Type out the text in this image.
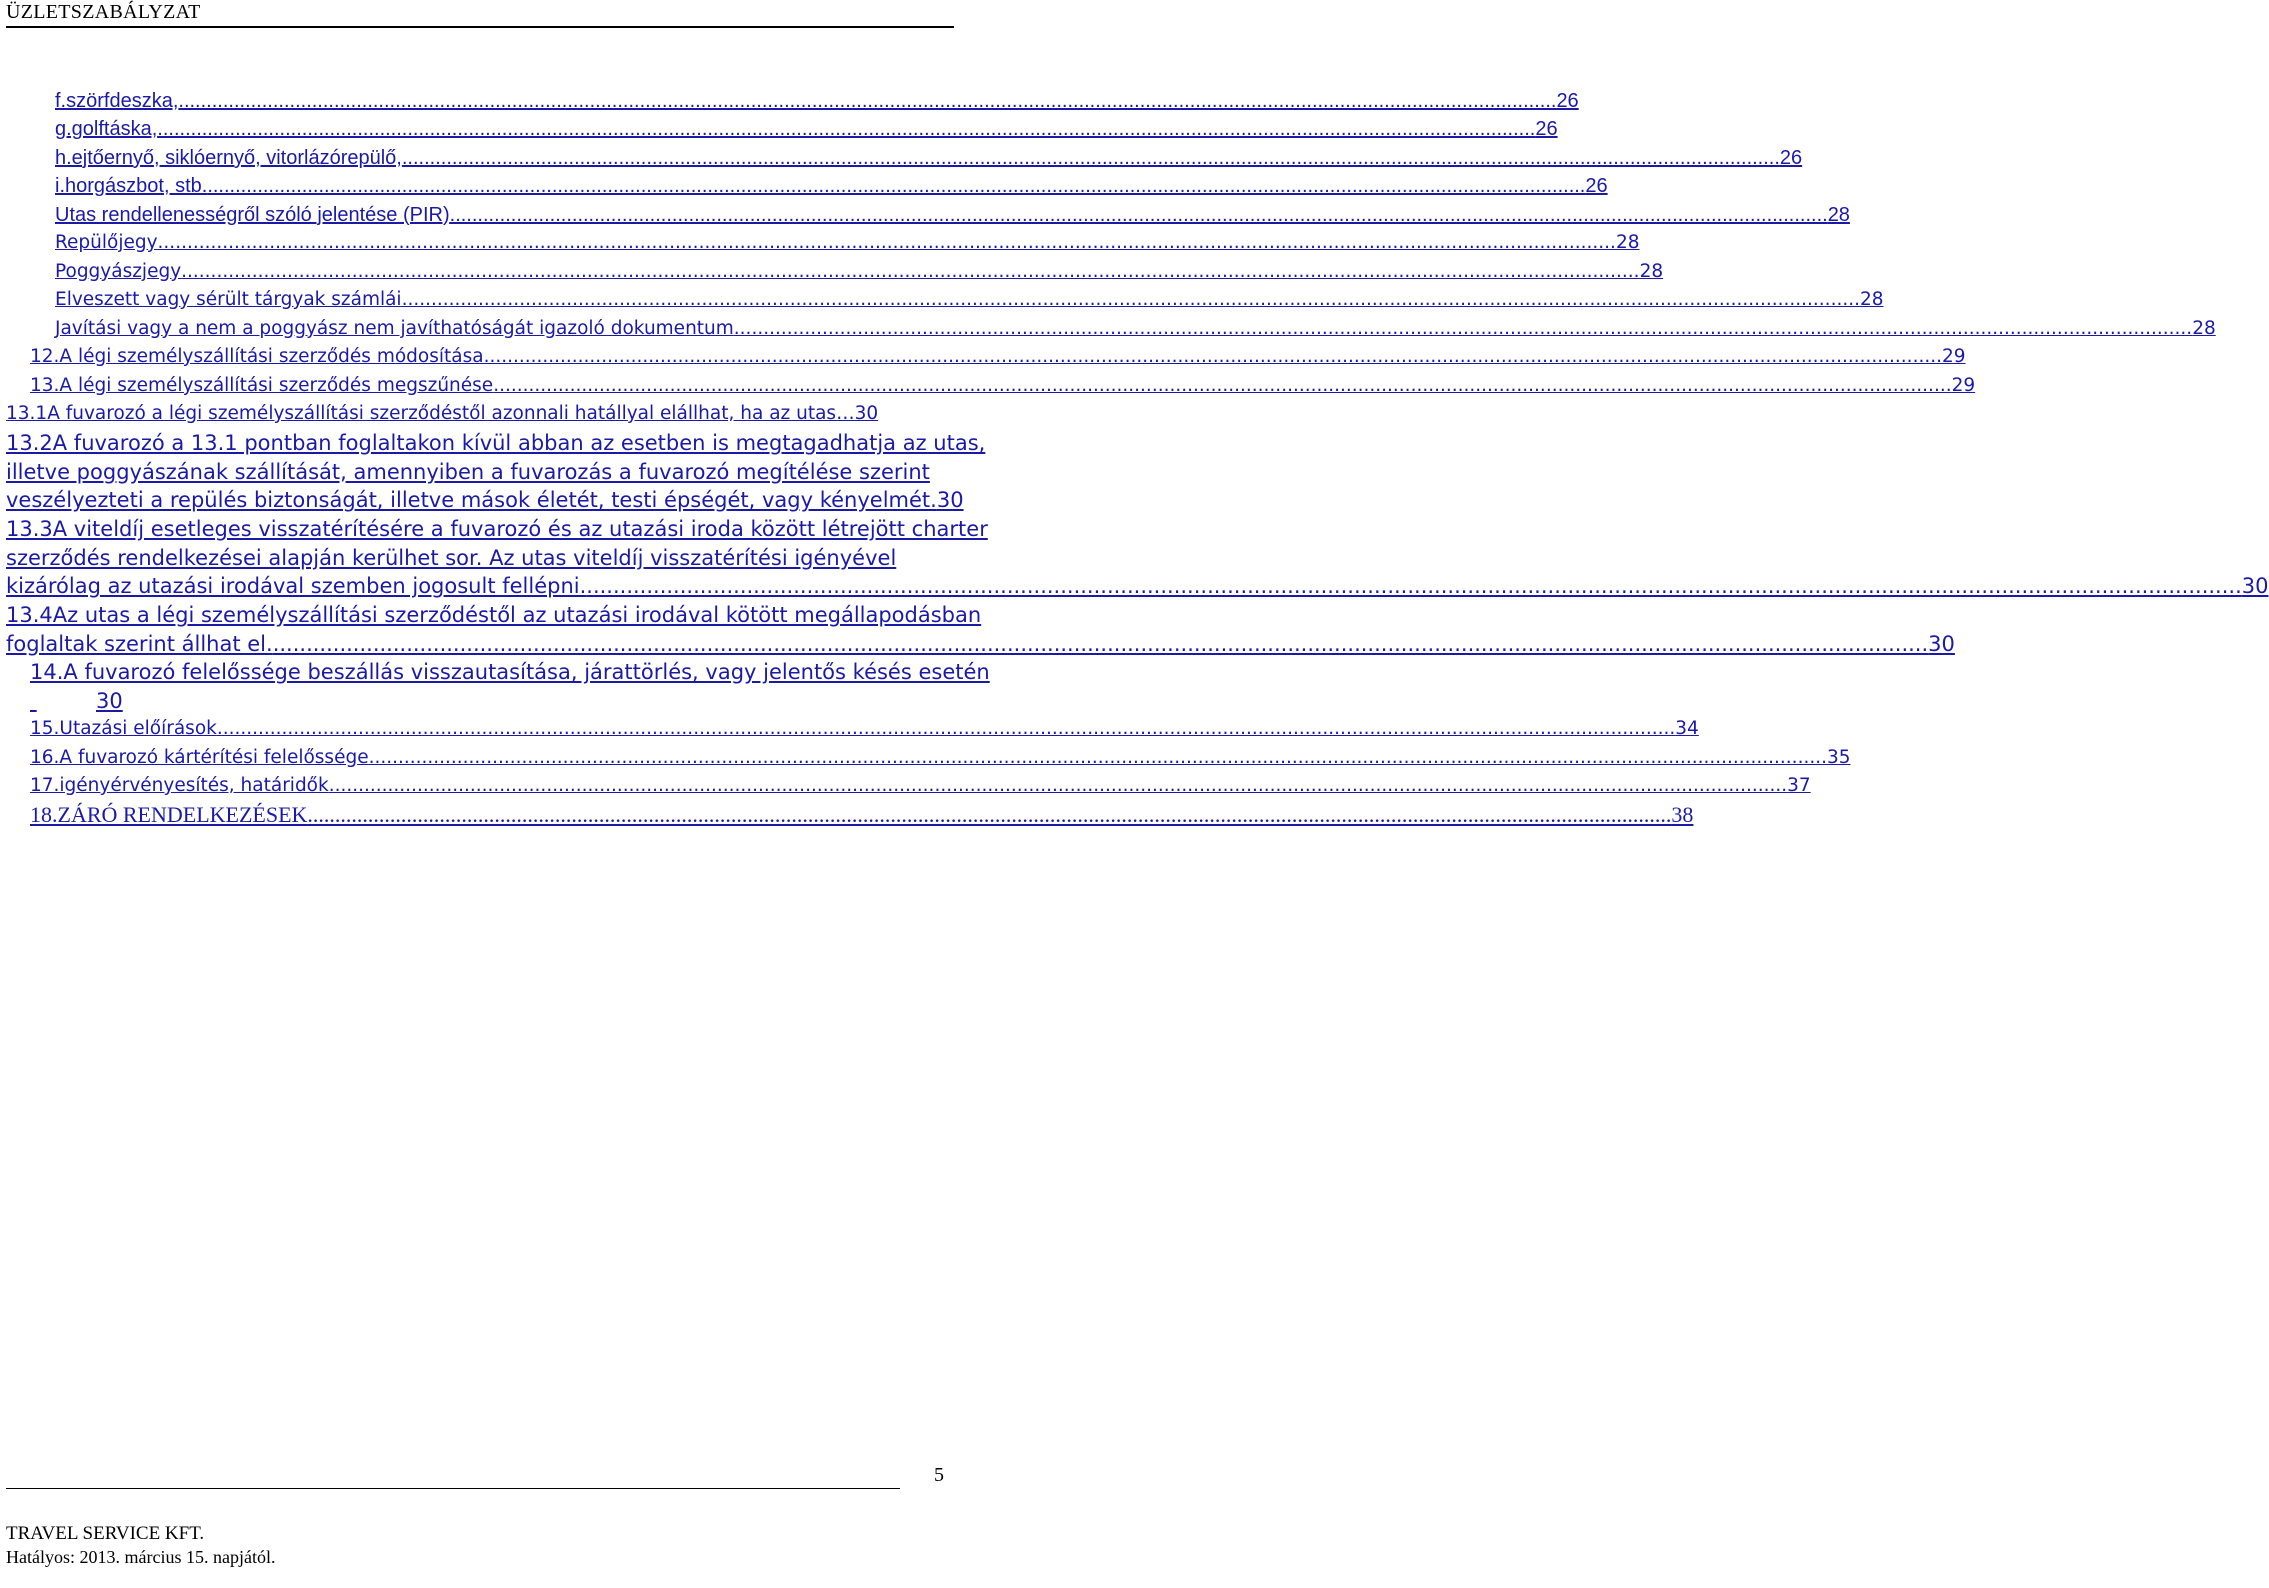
ÜZLETSZABÁLYZAT
f.szörfdeszka, .....	26
g.golftáska, .....	26
h.ejtőernyő, siklóernyő, vitorlázórepülő, .....	26
i.horgászbot, stb. .....	26
Utas rendellenességről szóló jelentése (PIR) .....	28
Repülőjegy .....	28
Poggyászjegy .....	28
Elveszett vagy sérült tárgyak számlái .....	28
Javítási vagy a nem a poggyász nem javíthatóságát igazoló dokumentum .....	28
12.A légi személyszállítási szerződés módosítása .....	29
13.A légi személyszállítási szerződés megszűnése .....	29
13.1A fuvarozó a légi személyszállítási szerződéstől azonnali hatállyal elállhat, ha az utas … 30
13.2A fuvarozó a 13.1 pontban foglaltakon kívül abban az esetben is megtagadhatja az utas,
illetve poggyászának szállítását, amennyiben a fuvarozás a fuvarozó megítélése szerint
veszélyezteti a repülés biztonságát, illetve mások életét, testi épségét, vagy kényelmét. 30
13.3A viteldíj esetleges visszatérítésére a fuvarozó és az utazási iroda között létrejött charter
szerződés rendelkezései alapján kerülhet sor. Az utas viteldíj visszatérítési igényével
kizárólag az utazási irodával szemben jogosult fellépni. .....	30
13.4Az utas a légi személyszállítási szerződéstől az utazási irodával kötött megállapodásban
foglaltak szerint állhat el. .....	30
14.A fuvarozó felelőssége beszállás visszautasítása, járattörlés, vagy jelentős késés esetén
30
15.Utazási előírások .....	34
16.A fuvarozó kártérítési felelőssége .....	35
17.igényérvényesítés, határidők .....	37
18.ZÁRÓ RENDELKEZÉSEK .....	38
5
TRAVEL SERVICE KFT.
Hatályos: 2013. március 15. napjától.
